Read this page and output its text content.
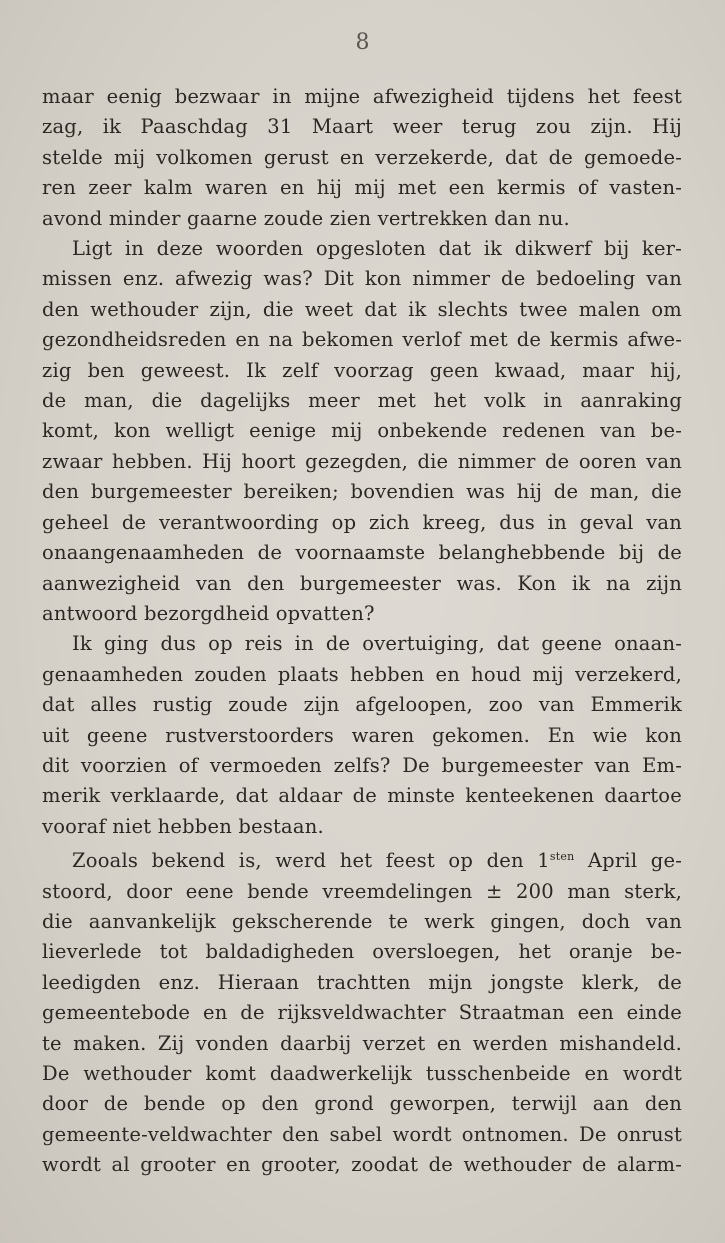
8
maar eenig bezwaar in mijne afwezigheid tijdens het feest
zag, ik Paaschdag 31 Maart weer terug zou zijn. Hij
stelde mij volkomen gerust en verzekerde, dat de gemoede-
ren zeer kalm waren en hij mij met een kermis of vasten-
avond minder gaarne zoude zien vertrekken dan nu.
Ligt in deze woorden opgesloten dat ik dikwerf bij ker-
missen enz. afwezig was? Dit kon nimmer de bedoeling van
den wethouder zijn, die weet dat ik slechts twee malen om
gezondheidsreden en na bekomen verlof met de kermis afwe-
zig ben geweest. Ik zelf voorzag geen kwaad, maar hij,
de man, die dagelijks meer met het volk in aanraking
komt, kon welligt eenige mij onbekende redenen van be-
zwaar hebben. Hij hoort gezegden, die nimmer de ooren van
den burgemeester bereiken; bovendien was hij de man, die
geheel de verantwoording op zich kreeg, dus in geval van
onaangenaamheden de voornaamste belanghebbende bij de
aanwezigheid van den burgemeester was. Kon ik na zijn
antwoord bezorgdheid opvatten?
Ik ging dus op reis in de overtuiging, dat geene onaan-
genaamheden zouden plaats hebben en houd mij verzekerd,
dat alles rustig zoude zijn afgeloopen, zoo van Emmerik
uit geene rustverstoorders waren gekomen. En wie kon
dit voorzien of vermoeden zelfs? De burgemeester van Em-
merik verklaarde, dat aldaar de minste kenteekenen daartoe
vooraf niet hebben bestaan.
Zooals bekend is, werd het feest op den $1^{sten}$ April ge-
stoord, door eene bende vreemdelingen ± 200 man sterk,
die aanvankelijk gekscherende te werk gingen, doch van
lieverlede tot baldadigheden oversloegen, het oranje be-
leedigden enz. Hieraan trachtten mijn jongste klerk, de
gemeentebode en de rijksveldwachter Straatman een einde
te maken. Zij vonden daarbij verzet en werden mishandeld.
De wethouder komt daadwerkelijk tusschenbeide en wordt
door de bende op den grond geworpen, terwijl aan den
gemeente-veldwachter den sabel wordt ontnomen. De onrust
wordt al grooter en grooter, zoodat de wethouder de alarm-
